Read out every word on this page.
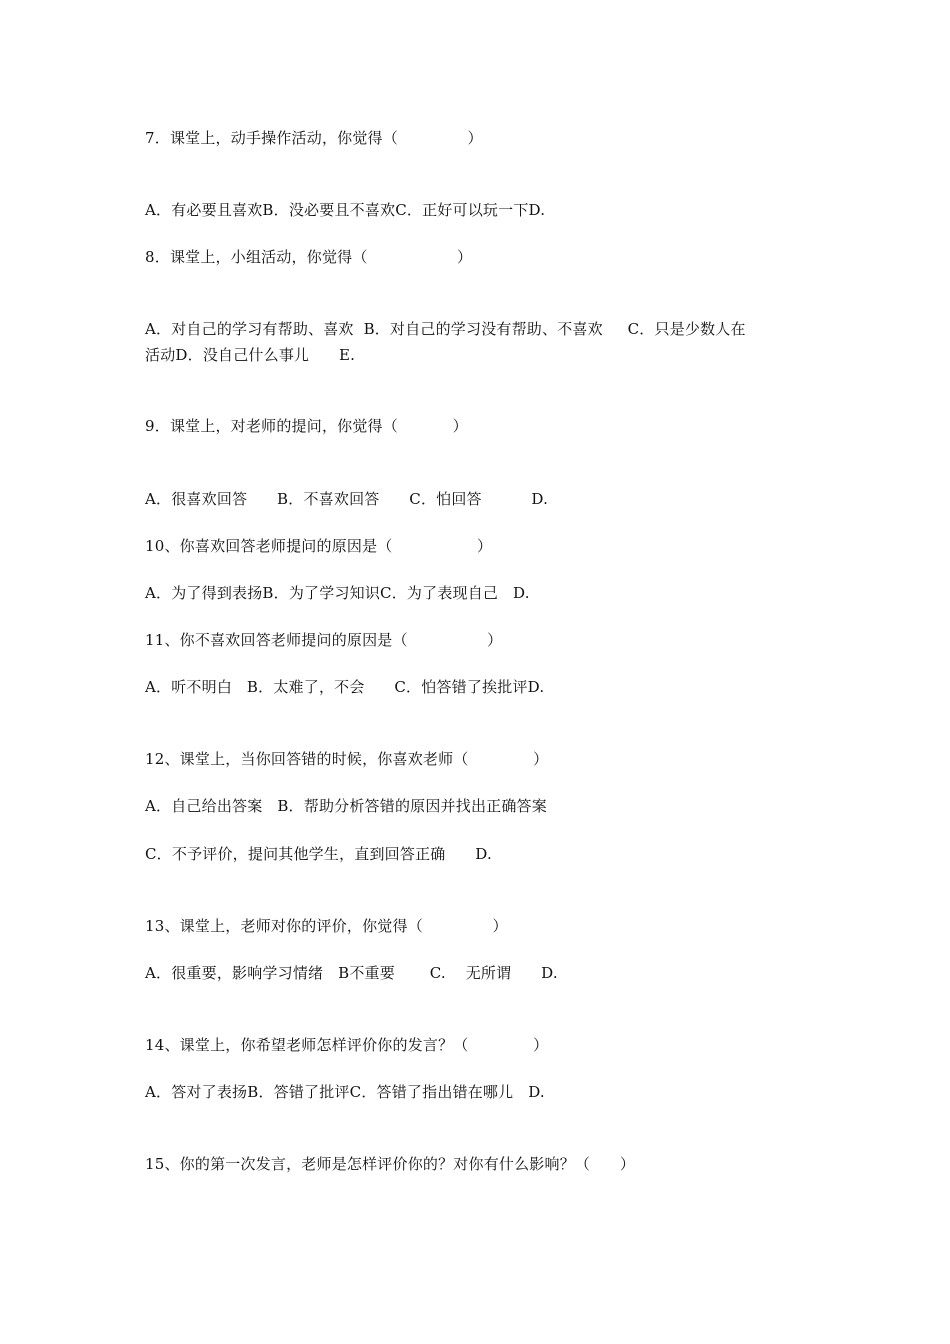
7．课堂上，动手操作活动，你觉得（              ）

A．有必要且喜欢B．没必要且不喜欢C．正好可以玩一下D.

8．课堂上，小组活动，你觉得（                  ）

A．对自己的学习有帮助、喜欢  B．对自己的学习没有帮助、不喜欢     C．只是少数人在

活动D．没自己什么事儿      E.

9．课堂上，对老师的提问，你觉得（           ）

A．很喜欢回答      B．不喜欢回答      C．怕回答          D.

10、你喜欢回答老师提问的原因是（                 ）

A．为了得到表扬B．为了学习知识C．为了表现自己   D.

11、你不喜欢回答老师提问的原因是（                ）

A．听不明白   B．太难了，不会      C．怕答错了挨批评D.

12、课堂上，当你回答错的时候，你喜欢老师（             ）

A．自己给出答案   B．帮助分析答错的原因并找出正确答案

C．不予评价，提问其他学生，直到回答正确      D.

13、课堂上，老师对你的评价，你觉得（              ）

A．很重要，影响学习情绪   B不重要       C.    无所谓      D.

14、课堂上，你希望老师怎样评价你的发言？（             ）

A．答对了表扬B．答错了批评C．答错了指出错在哪儿   D.

15、你的第一次发言，老师是怎样评价你的？对你有什么影响？（      ）
